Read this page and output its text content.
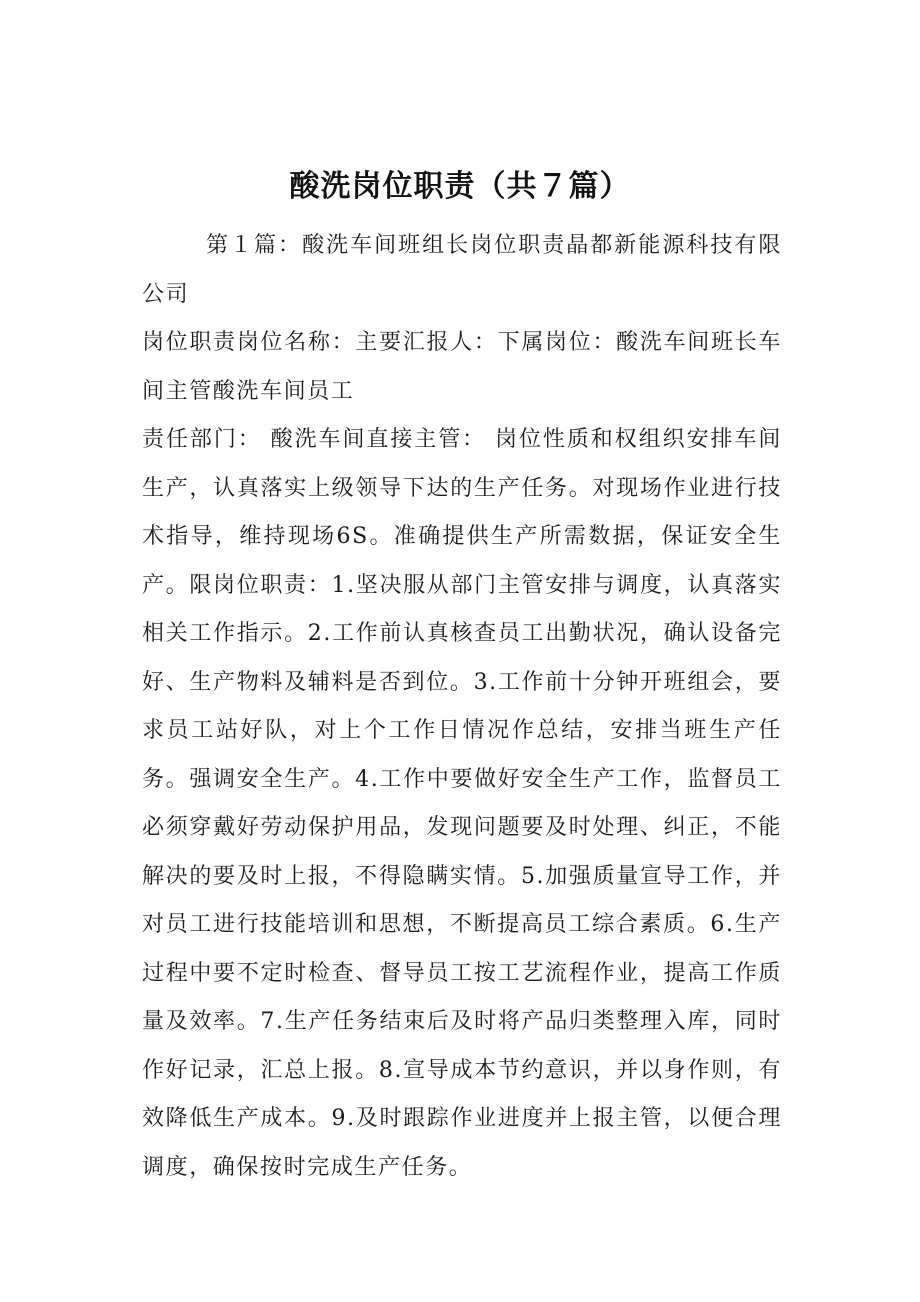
酸洗岗位职责（共７篇）

第１篇：酸洗车间班组长岗位职责晶都新能源科技有限公司

岗位职责岗位名称：主要汇报人：下属岗位：酸洗车间班长车间主管酸洗车间员工

责任部门： 酸洗车间直接主管： 岗位性质和权组织安排车间生产，认真落实上级领导下达的生产任务。对现场作业进行技术指导，维持现场6S。准确提供生产所需数据，保证安全生产。限岗位职责：1.坚决服从部门主管安排与调度，认真落实相关工作指示。2.工作前认真核查员工出勤状况，确认设备完好、生产物料及辅料是否到位。3.工作前十分钟开班组会，要求员工站好队，对上个工作日情况作总结，安排当班生产任务。强调安全生产。4.工作中要做好安全生产工作，监督员工必须穿戴好劳动保护用品，发现问题要及时处理、纠正，不能解决的要及时上报，不得隐瞒实情。5.加强质量宣导工作，并对员工进行技能培训和思想，不断提高员工综合素质。6.生产过程中要不定时检查、督导员工按工艺流程作业，提高工作质量及效率。7.生产任务结束后及时将产品归类整理入库，同时作好记录，汇总上报。8.宣导成本节约意识，并以身作则，有效降低生产成本。9.及时跟踪作业进度并上报主管，以便合理调度，确保按时完成生产任务。
